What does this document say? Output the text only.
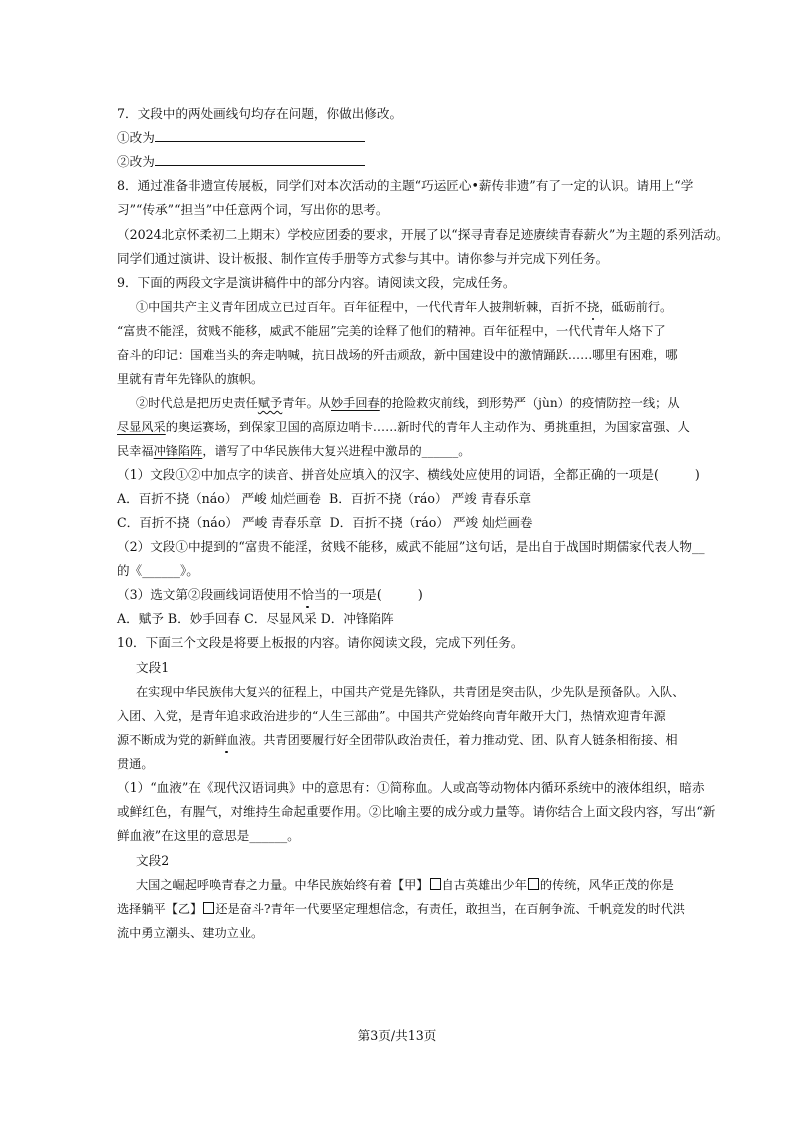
7．文段中的两处画线句均存在问题，你做出修改。
①改为
②改为
8．通过准备非遗宣传展板，同学们对本次活动的主题“巧运匠心•薪传非遗”有了一定的认识。请用上“学
习”“传承”“担当”中任意两个词，写出你的思考。
（2024北京怀柔初二上期末）学校应团委的要求，开展了以“探寻青春足迹赓续青春薪火”为主题的系列活动。
同学们通过演讲、设计板报、制作宣传手册等方式参与其中。请你参与并完成下列任务。
9．下面的两段文字是演讲稿件中的部分内容。请阅读文段，完成任务。
①中国共产主义青年团成立已过百年。百年征程中，一代代青年人披荆斩棘，百折不挠，砥砺前行。
“富贵不能淫，贫贱不能移，威武不能屈”完美的诠释了他们的精神。百年征程中，一代代青年人烙下了
奋斗的印记：国难当头的奔走呐喊，抗日战场的歼击顽敌，新中国建设中的激情踊跃……哪里有困难，哪
里就有青年先锋队的旗帜。
②时代总是把历史责任赋予青年。从妙手回春的抢险救灾前线，到形势严（jùn）的疫情防控一线；从
尽显风采的奥运赛场，到保家卫国的高原边哨卡……新时代的青年人主动作为、勇挑重担，为国家富强、人
民幸福冲锋陷阵，谱写了中华民族伟大复兴进程中激昂的______。
（1）文段①②中加点字的读音、拼音处应填入的汉字、横线处应使用的词语，全都正确的一项是(	)
A．百折不挠（náo） 严峻 灿烂画卷 B．百折不挠（ráo） 严竣 青春乐章
C．百折不挠（náo） 严峻 青春乐章 D．百折不挠（ráo） 严竣 灿烂画卷
（2）文段①中提到的“富贵不能淫，贫贱不能移，威武不能屈”这句话，是出自于战国时期儒家代表人物__
的《______》。
（3）选文第②段画线词语使用不恰当的一项是(	)
A．赋予 B．妙手回春 C．尽显风采 D．冲锋陷阵
10．下面三个文段是将要上板报的内容。请你阅读文段，完成下列任务。
文段1
在实现中华民族伟大复兴的征程上，中国共产党是先锋队，共青团是突击队，少先队是预备队。入队、
入团、入党，是青年追求政治进步的“人生三部曲”。中国共产党始终向青年敞开大门，热情欢迎青年源
源不断成为党的新鲜血液。共青团要履行好全团带队政治责任，着力推动党、团、队育人链条相衔接、相
贯通。
（1）“血液”在《现代汉语词典》中的意思有：①简称血。人或高等动物体内循环系统中的液体组织，暗赤
或鲜红色，有腥气，对维持生命起重要作用。②比喻主要的成分或力量等。请你结合上面文段内容，写出“新
鲜血液”在这里的意思是______。
文段2
大国之崛起呼唤青春之力量。中华民族始终有着【甲】 自古英雄出少年 的传统，风华正茂的你是
选择躺平【乙】 还是奋斗?青年一代要坚定理想信念，有责任，敢担当，在百舸争流、千帆竞发的时代洪
流中勇立潮头、建功立业。
第3页/共13页
